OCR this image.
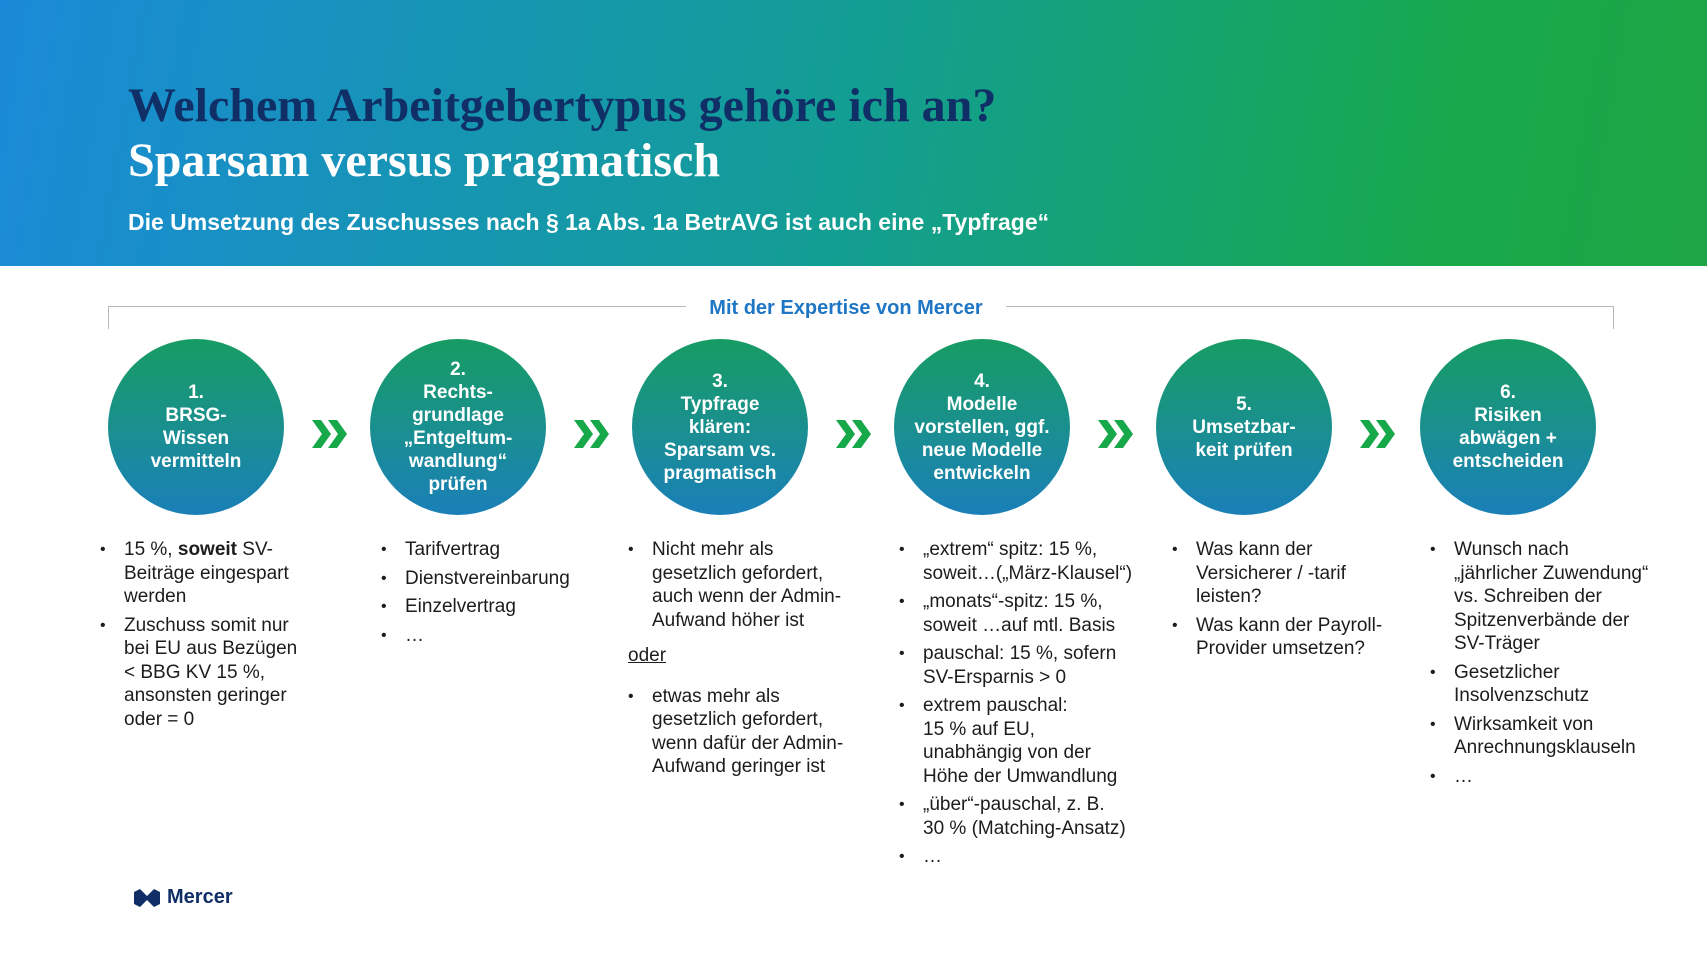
Welchem Arbeitgebertypus gehöre ich an?
Sparsam versus pragmatisch
Die Umsetzung des Zuschusses nach § 1a Abs. 1a BetrAVG ist auch eine „Typfrage“
Mit der Expertise von Mercer
1.
BRSG-
Wissen
vermitteln
2.
Rechts-
grundlage
„Entgeltum-
wandlung“
prüfen
3.
Typfrage
klären:
Sparsam vs.
pragmatisch
4.
Modelle
vorstellen, ggf.
neue Modelle
entwickeln
5.
Umsetzbar-
keit prüfen
6.
Risiken
abwägen +
entscheiden
• 15 %, soweit SV-
Beiträge eingespart
werden
• Zuschuss somit nur
bei EU aus Bezügen
< BBG KV 15 %,
ansonsten geringer
oder = 0
• Tarifvertrag
• Dienstvereinbarung
• Einzelvertrag
• …
• Nicht mehr als
gesetzlich gefordert,
auch wenn der Admin-
Aufwand höher ist
oder
• etwas mehr als
gesetzlich gefordert,
wenn dafür der Admin-
Aufwand geringer ist
• „extrem“ spitz: 15 %,
soweit…(„März-Klausel“)
• „monats“-spitz: 15 %,
soweit …auf mtl. Basis
• pauschal: 15 %, sofern
SV-Ersparnis > 0
• extrem pauschal:
15 % auf EU,
unabhängig von der
Höhe der Umwandlung
• „über“-pauschal, z. B.
30 % (Matching-Ansatz)
• …
• Was kann der
Versicherer / -tarif
leisten?
• Was kann der Payroll-
Provider umsetzen?
• Wunsch nach
„jährlicher Zuwendung“
vs. Schreiben der
Spitzenverbände der
SV-Träger
• Gesetzlicher
Insolvenzschutz
• Wirksamkeit von
Anrechnungsklauseln
• …
Mercer
